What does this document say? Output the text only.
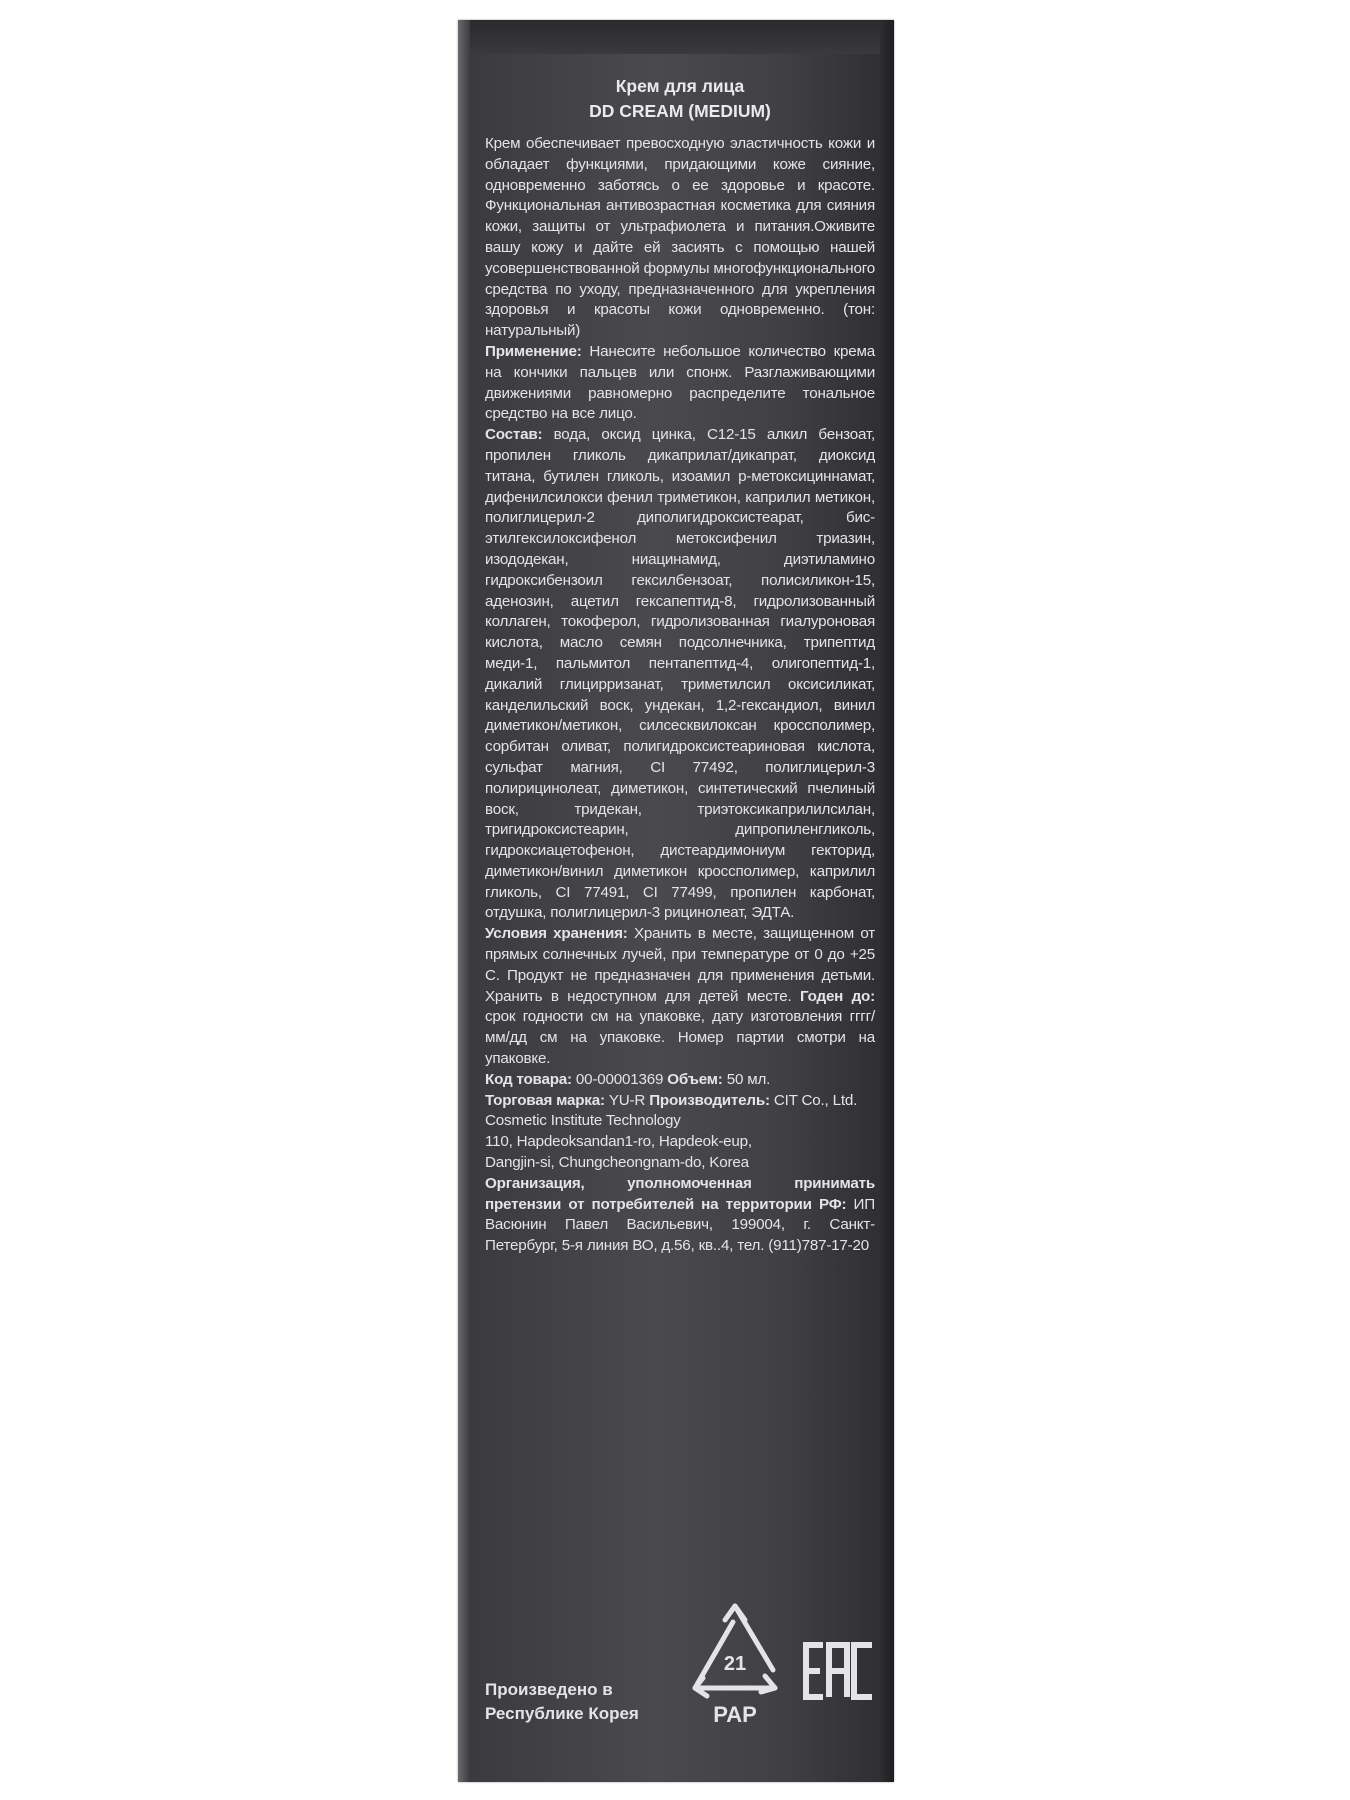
Крем для лица
DD CREAM (MEDIUM)

Крем обеспечивает превосходную эластичность кожи и обладает функциями, придающими коже сияние, одновременно заботясь о ее здоровье и красоте. Функциональная антивозрастная косметика для сияния кожи, защиты от ультрафиолета и питания.Оживите вашу кожу и дайте ей засиять с помощью нашей усовершенствованной формулы многофункционального средства по уходу, предназначенного для укрепления здоровья и красоты кожи одновременно. (тон: натуральный)

Применение: Нанесите небольшое количество крема на кончики пальцев или спонж. Разглаживающими движениями равномерно распределите тональное средство на все лицо.

Состав: вода, оксид цинка, С12-15 алкил бензоат, пропилен гликоль дикаприлат/дикапрат, диоксид титана, бутилен гликоль, изоамил p-метоксициннамат, дифенилсилокси фенил триметикон, каприлил метикон, полиглицерил-2 диполигидроксистеарат, бис-этилгексилоксифенол метоксифенил триазин, изододекан, ниацинамид, диэтиламино гидроксибензоил гексилбензоат, полисиликон-15, аденозин, ацетил гексапептид-8, гидролизованный коллаген, токоферол, гидролизованная гиалуроновая кислота, масло семян подсолнечника, трипептид меди-1, пальмитол пентапептид-4, олигопептид-1, дикалий глицирризанат, триметилсил оксисиликат, канделильский воск, ундекан, 1,2-гександиол, винил диметикон/метикон, силсесквилоксан кроссполимер, сорбитан оливат, полигидроксистеариновая кислота, сульфат магния, CI 77492, полиглицерил-3 полирицинолеат, диметикон, синтетический пчелиный воск, тридекан, триэтоксикаприлилсилан, тригидроксистеарин, дипропиленгликоль, гидроксиацетофенон, дистеардимониум гекторид, диметикон/винил диметикон кроссполимер, каприлил гликоль, CI 77491, CI 77499, пропилен карбонат, отдушка, полиглицерил-3 рицинолеат, ЭДТА.

Условия хранения: Хранить в месте, защищенном от прямых солнечных лучей, при температуре от 0 до +25 С. Продукт не предназначен для применения детьми. Хранить в недоступном для детей месте. Годен до: срок годности см на упаковке, дату изготовления гггг/мм/дд см на упаковке. Номер партии смотри на упаковке.

Код товара: 00-00001369 Объем: 50 мл.

Торговая марка: YU-R Производитель: CIT Co., Ltd.

Cosmetic Institute Technology

110, Hapdeoksandan1-ro, Hapdeok-eup,

Dangjin-si, Chungcheongnam-do, Korea

Организация, уполномоченная принимать претензии от потребителей на территории РФ: ИП Васюнин Павел Васильевич, 199004, г. Санкт-Петербург, 5-я линия ВО, д.56, кв..4, тел. (911)787-17-20

Произведено в
Республике Корея
21
PAP
